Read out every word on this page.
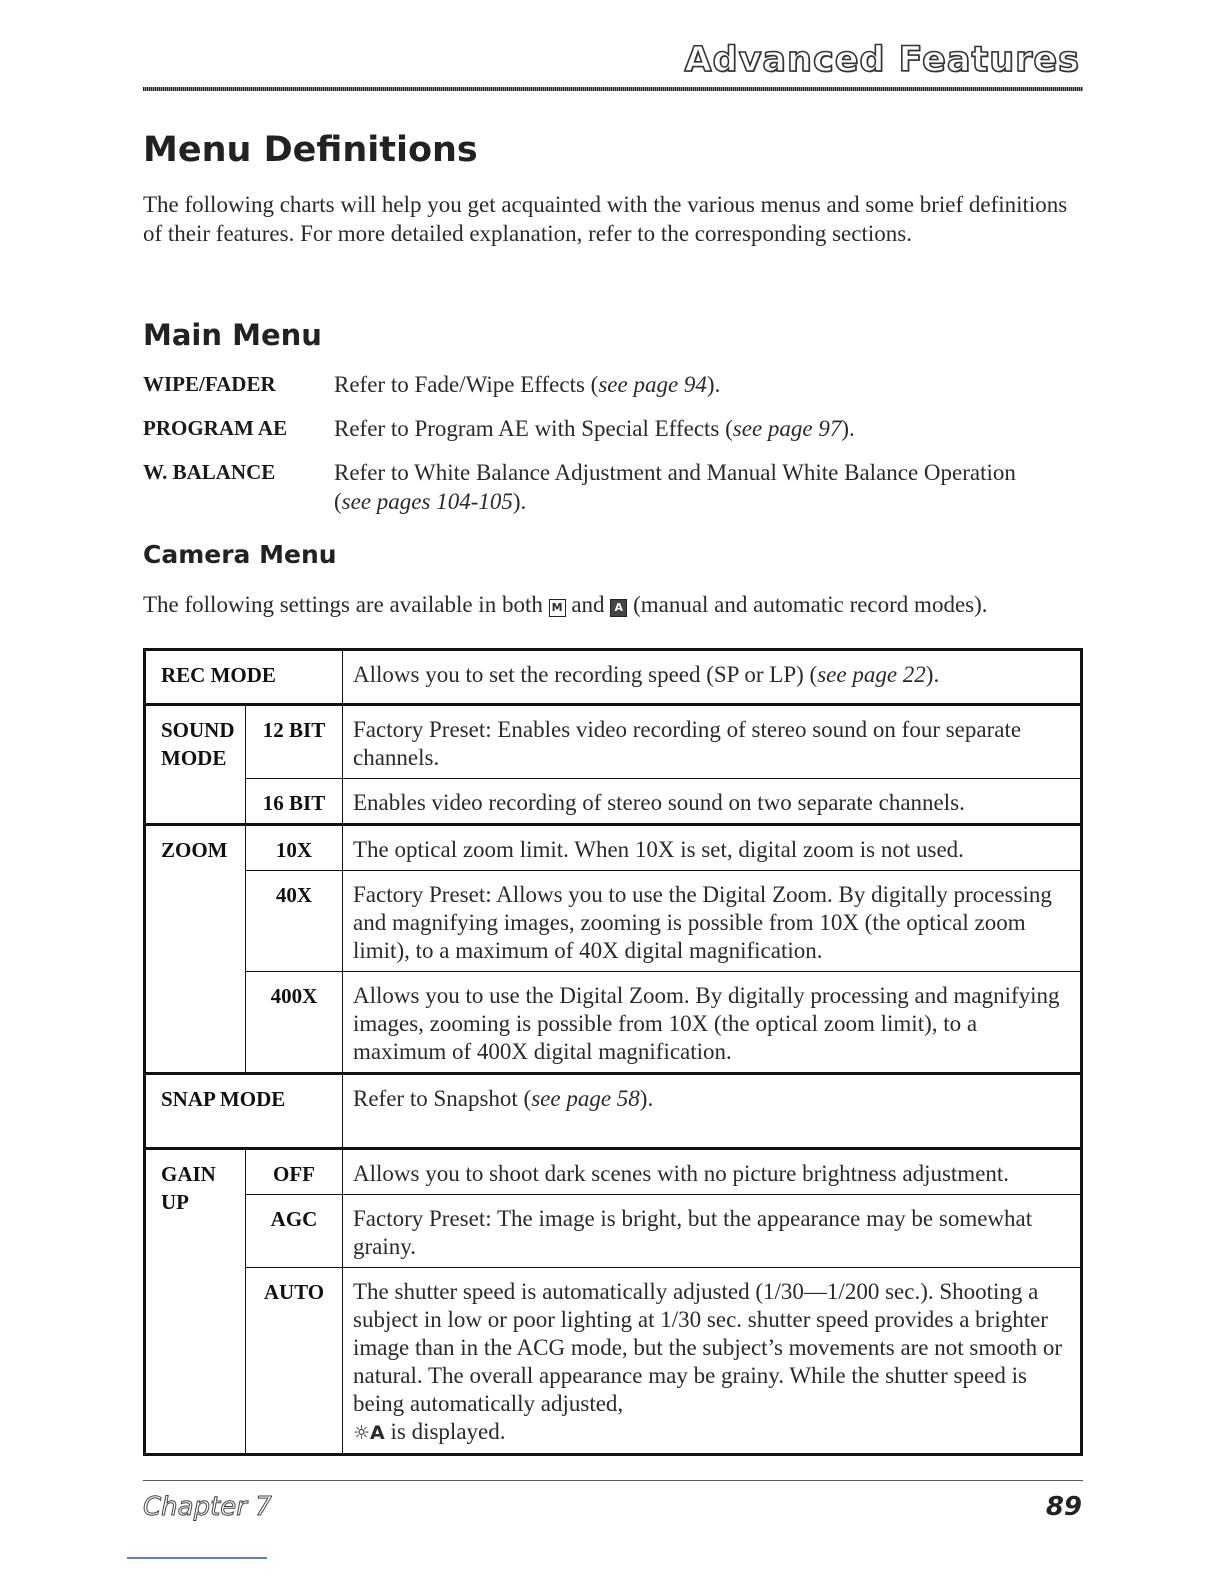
Advanced Features
Menu Definitions
The following charts will help you get acquainted with the various menus and some brief definitions of their features. For more detailed explanation, refer to the corresponding sections.
Main Menu
WIPE/FADER	Refer to Fade/Wipe Effects (see page 94).
PROGRAM AE Refer to Program AE with Special Effects (see page 97).
W. BALANCE	Refer to White Balance Adjustment and Manual White Balance Operation (see pages 104-105).
Camera Menu
The following settings are available in both M and A (manual and automatic record modes).
REC MODE		Allows you to set the recording speed (SP or LP) (see page 22).
SOUND MODE	12 BIT	Factory Preset: Enables video recording of stereo sound on four separate channels.
	16 BIT	Enables video recording of stereo sound on two separate channels.
ZOOM	10X	The optical zoom limit. When 10X is set, digital zoom is not used.
	40X	Factory Preset: Allows you to use the Digital Zoom. By digitally processing and magnifying images, zooming is possible from 10X (the optical zoom limit), to a maximum of 40X digital magnification.
	400X	Allows you to use the Digital Zoom. By digitally processing and magnifying images, zooming is possible from 10X (the optical zoom limit), to a maximum of 400X digital magnification.
SNAP MODE		Refer to Snapshot (see page 58).
GAIN UP	OFF	Allows you to shoot dark scenes with no picture brightness adjustment.
	AGC	Factory Preset: The image is bright, but the appearance may be somewhat grainy.
	AUTO	The shutter speed is automatically adjusted (1/30—1/200 sec.). Shooting a subject in low or poor lighting at 1/30 sec. shutter speed provides a brighter image than in the ACG mode, but the subject’s movements are not smooth or natural. The overall appearance may be grainy. While the shutter speed is being automatically adjusted,
☼A is displayed.
Chapter 7	89
